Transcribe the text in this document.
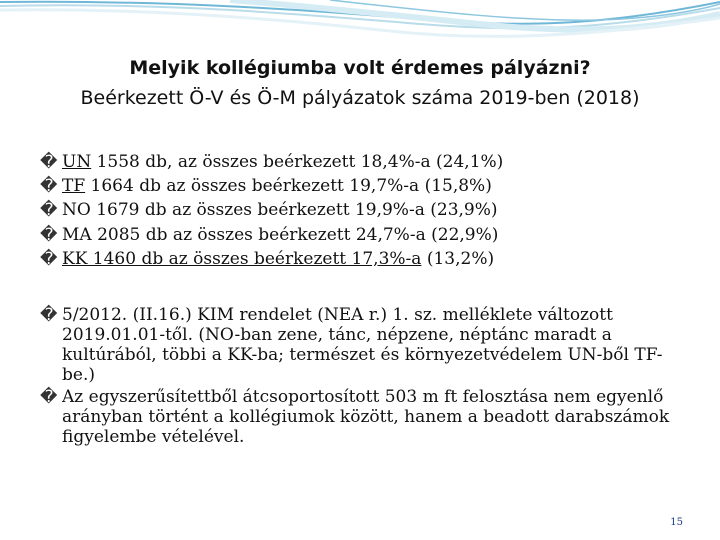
Melyik kollégiumba volt érdemes pályázni?
Beérkezett Ö-V és Ö-M pályázatok száma 2019-ben (2018)
� UN 1558 db, az összes beérkezett 18,4%-a (24,1%)
� TF 1664 db az összes beérkezett 19,7%-a (15,8%)
� NO 1679 db az összes beérkezett 19,9%-a (23,9%)
� MA 2085 db az összes beérkezett 24,7%-a (22,9%)
� KK 1460 db az összes beérkezett 17,3%-a (13,2%)
� 5/2012. (II.16.) KIM rendelet (NEA r.) 1. sz. melléklete változott 2019.01.01-től. (NO-ban zene, tánc, népzene, néptánc maradt a kultúrából, többi a KK-ba; természet és környezetvédelem UN-ből TF-be.)
� Az egyszerűsítettből átcsoportosított 503 m ft felosztása nem egyenlő arányban történt a kollégiumok között, hanem a beadott darabszámok figyelembe vételével.
15
